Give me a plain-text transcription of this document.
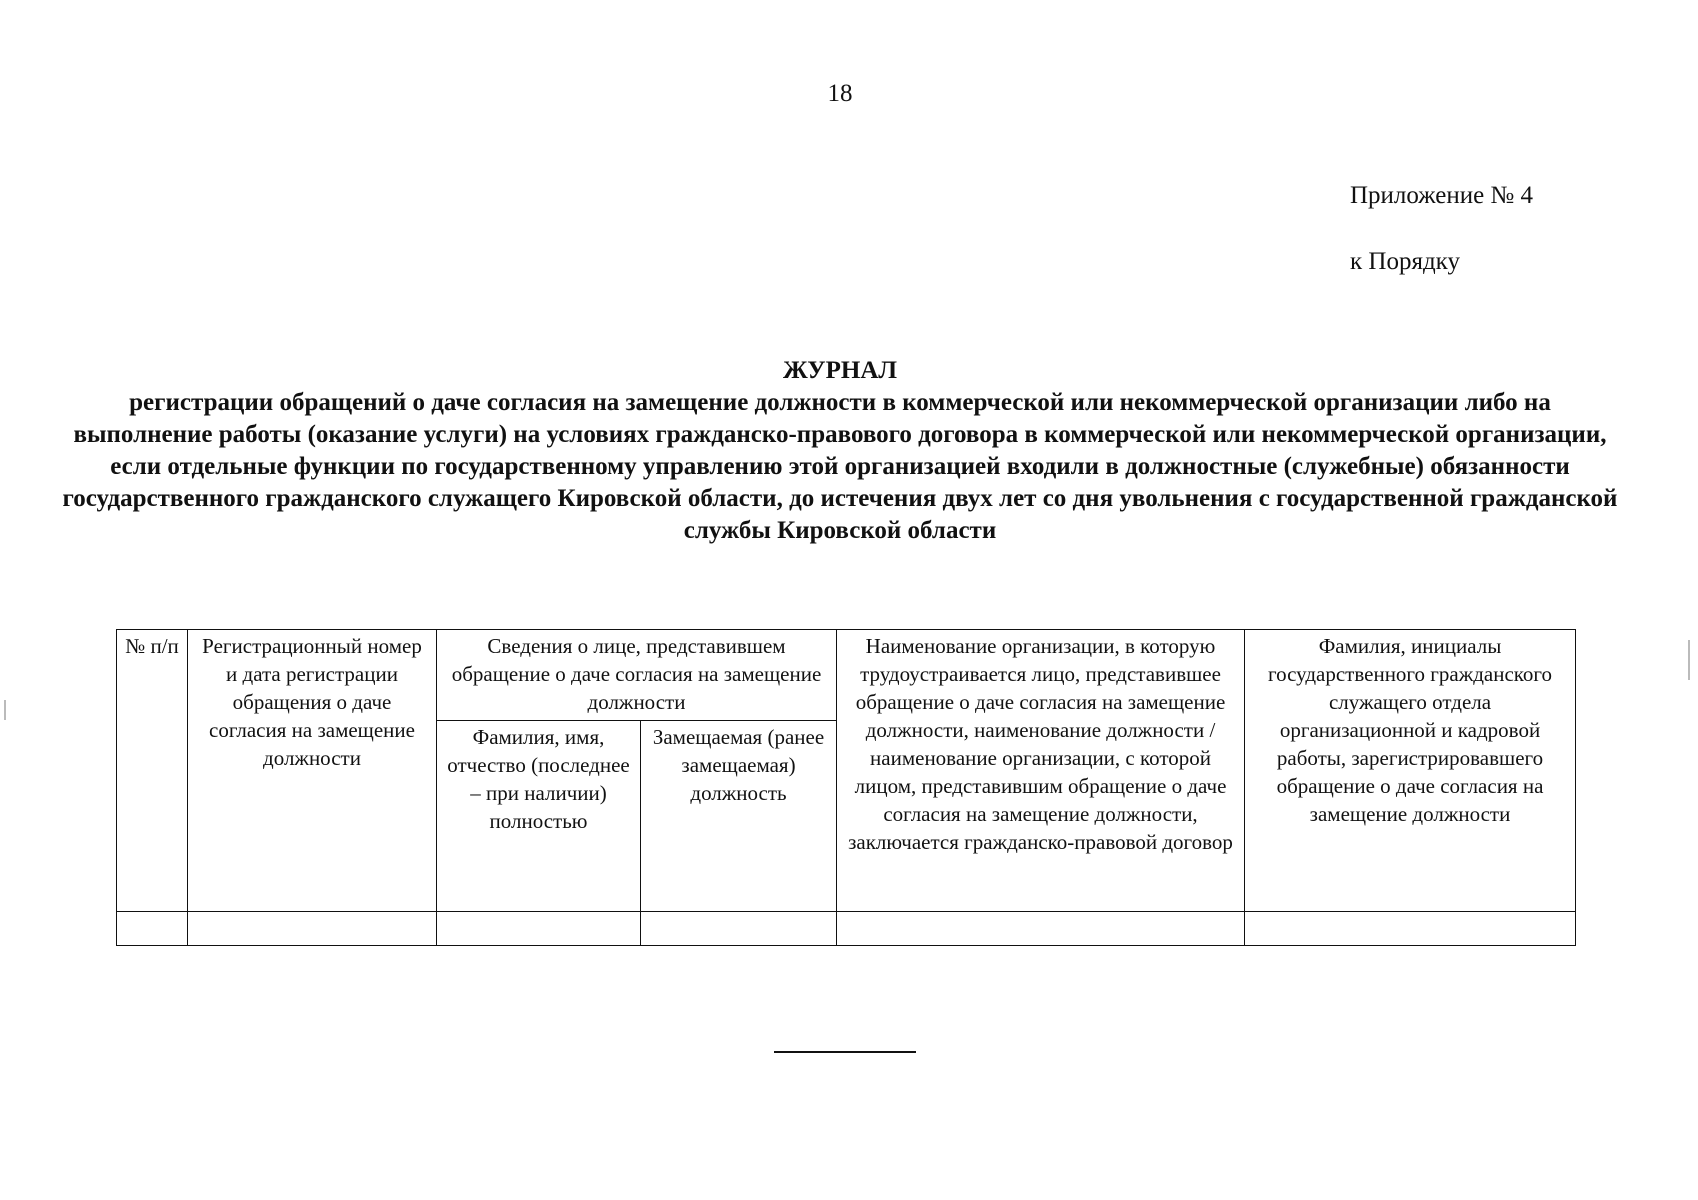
18
Приложение № 4
к Порядку
ЖУРНАЛ
регистрации обращений о даче согласия на замещение должности в коммерческой или некоммерческой организации либо на выполнение работы (оказание услуги) на условиях гражданско-правового договора в коммерческой или некоммерческой организации, если отдельные функции по государственному управлению этой организацией входили в должностные (служебные) обязанности государственного гражданского служащего Кировской области, до истечения двух лет со дня увольнения с государственной гражданской службы Кировской области
№ п/п	Регистрационный номер и дата регистрации обращения о даче согласия на замещение должности	Сведения о лице, представившем обращение о даче согласия на замещение должности		Наименование организации, в которую трудоустраивается лицо, представившее обращение о даче согласия на замещение должности, наименование должности / наименование организации, с которой лицом, представившим обращение о даче согласия на замещение должности, заключается гражданско-правовой договор	Фамилия, инициалы государственного гражданского служащего отдела организационной и кадровой работы, зарегистрировавшего обращение о даче согласия на замещение должности
		Фамилия, имя, отчество (последнее – при наличии) полностью	Замещаемая (ранее замещаемая) должность		
